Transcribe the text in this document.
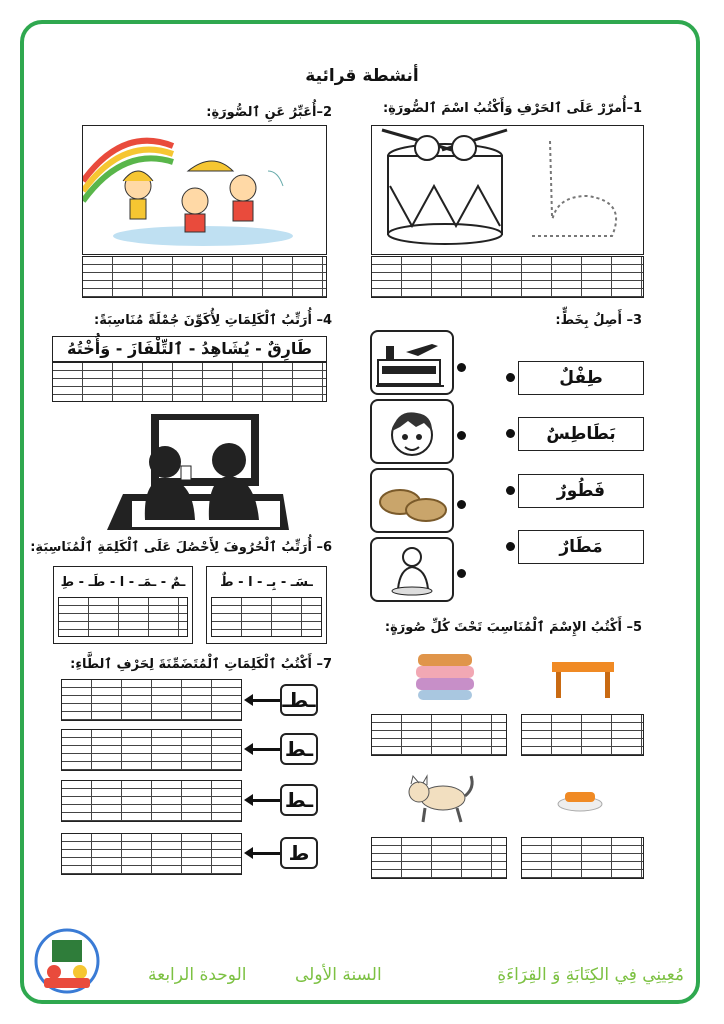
أنشطة قرائية
1–أُمرّرْ عَلَى ٱلحَرْفِ وَأَكْتُبُ اسْمَ ٱلصُّورَةِ:
2–أُعَبِّرُ عَنِ ٱلصُّورَةِ:
3– أَصِلُ بِخَطٍّ:
طِفْلٌ
بَطَاطِسٌ
فَطُورٌ
مَطَارٌ
4– أُرَتِّبُ ٱلْكَلِمَاتِ لِأُكَوِّنَ جُمْلَةً مُنَاسِبَةً:
طَارِقٌ - يُشَاهِدُ - ٱلتِّلْفَازَ - وَأُخْتُهُ
6– أُرَتِّبُ ٱلْحُرُوفَ لِأَحْصُلَ عَلَى ٱلْكَلِمَةِ ٱلْمُنَاسِبَةِ:
ـمٌ - ـمَـ - ا - طَـ - طِ	ـسَـ - بِـ - ا - طٌ
5– أَكْتُبُ الإِسْمَ ٱلْمُنَاسِبَ تَحْتَ كُلِّ صُورَةٍ:
7– أَكْتُبُ ٱلْكَلِمَاتِ ٱلْمُتَضَمِّنَةَ لِحَرْفِ ٱلطَّاءِ:
ـطـ
ـط
ـط
ط
مُعِينِي فِي الكِتَابَةِ وَ القِرَاءَةِ
السنة الأولى
الوحدة الرابعة
